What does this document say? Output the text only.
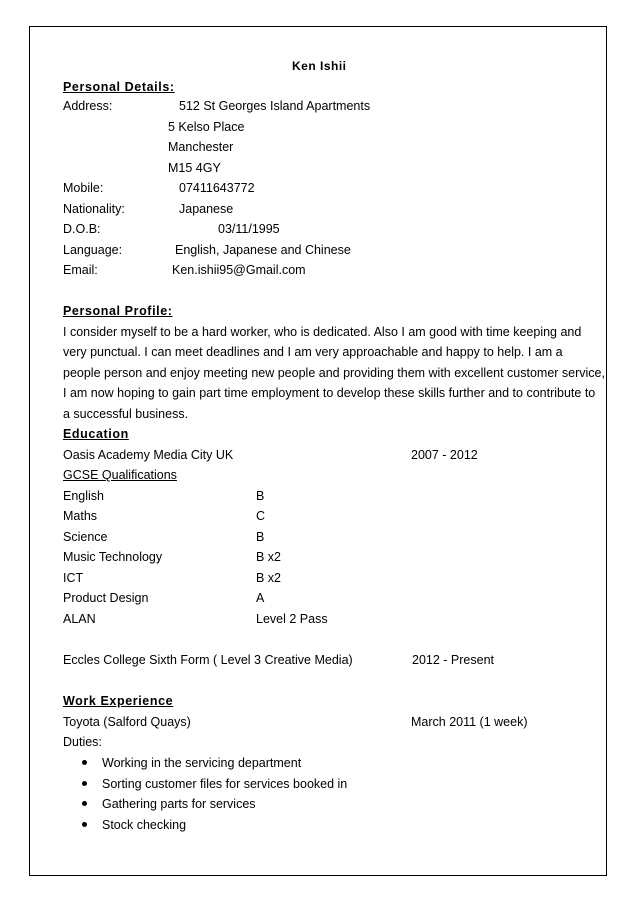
Ken Ishii
Personal Details:
Address:	512 St Georges Island Apartments
5 Kelso Place
Manchester
M15 4GY
Mobile:	07411643772
Nationality:	Japanese
D.O.B:	03/11/1995
Language:	English, Japanese and Chinese
Email:	Ken.ishii95@Gmail.com
Personal Profile:
I consider myself to be a hard worker, who is dedicated. Also I am good with time keeping and
very punctual. I can meet deadlines and I am very approachable and happy to help. I am a
people person and enjoy meeting new people and providing them with excellent customer service,
I am now hoping to gain part time employment to develop these skills further and to contribute to
a successful business.
Education
Oasis Academy Media City UK	2007 - 2012
GCSE Qualifications
English	B
Maths	C
Science	B
Music Technology	B x2
ICT	B x2
Product Design	A
ALAN	Level 2 Pass
Eccles College Sixth Form ( Level 3 Creative Media)	2012 - Present
Work Experience
Toyota (Salford Quays)	March 2011 (1 week)
Duties:
Working in the servicing department
Sorting customer files for services booked in
Gathering parts for services
Stock checking
